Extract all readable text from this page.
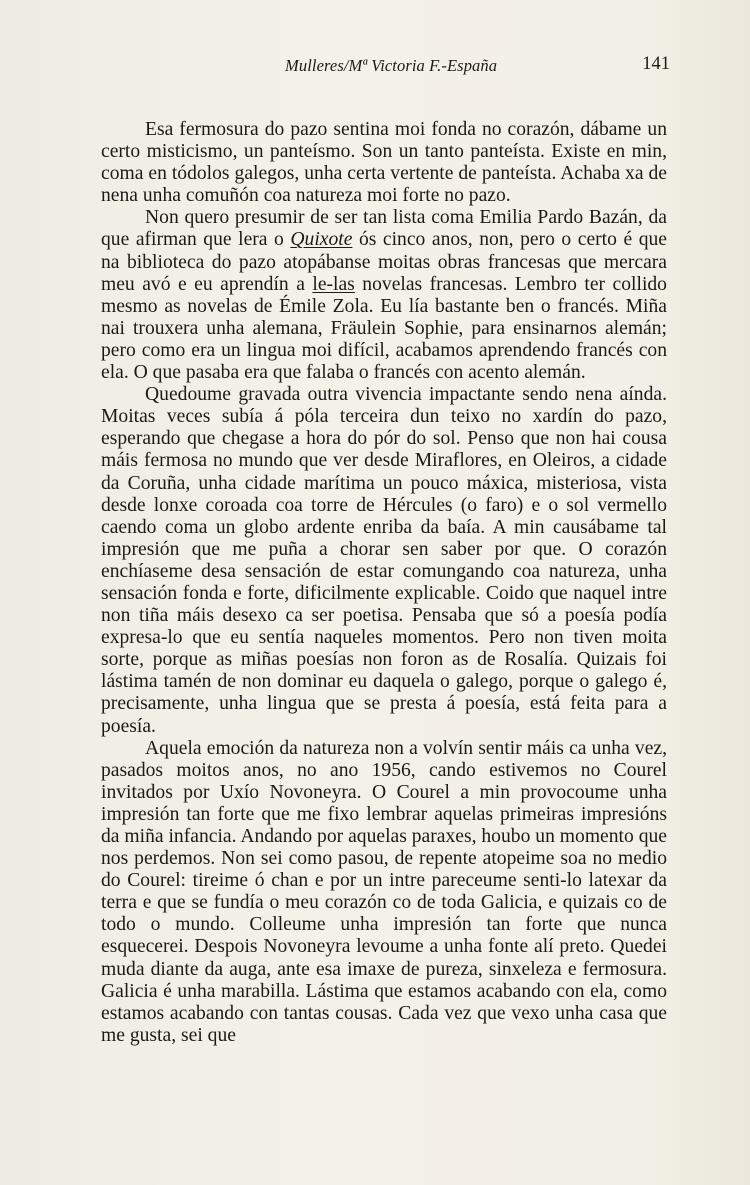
Mulleres/Mª Victoria F.-España	141

Esa fermosura do pazo sentina moi fonda no corazón, dábame un certo misticismo, un panteísmo. Son un tanto panteísta. Existe en min, coma en tódolos galegos, unha certa vertente de panteísta. Achaba xa de nena unha comuñón coa natureza moi forte no pazo.

Non quero presumir de ser tan lista coma Emilia Pardo Bazán, da que afirman que lera o Quixote ós cinco anos, non, pero o certo é que na biblioteca do pazo atopábanse moitas obras francesas que mercara meu avó e eu aprendín a le-las novelas francesas. Lembro ter collido mesmo as novelas de Émile Zola. Eu lía bastante ben o francés. Miña nai trouxera unha alemana, Fräulein Sophie, para ensinarnos alemán; pero como era un lingua moi difícil, acabamos aprendendo francés con ela. O que pasaba era que falaba o francés con acento alemán.

Quedoume gravada outra vivencia impactante sendo nena aínda. Moitas veces subía á póla terceira dun teixo no xardín do pazo, esperando que chegase a hora do pór do sol. Penso que non hai cousa máis fermosa no mundo que ver desde Miraflores, en Oleiros, a cidade da Coruña, unha cidade marítima un pouco máxica, misteriosa, vista desde lonxe coroada coa torre de Hércules (o faro) e o sol vermello caendo coma un globo ardente enriba da baía. A min causábame tal impresión que me puña a chorar sen saber por que. O corazón enchíaseme desa sensación de estar comungando coa natureza, unha sensación fonda e forte, dificilmente explicable. Coido que naquel intre non tiña máis desexo ca ser poetisa. Pensaba que só a poesía podía expresa-lo que eu sentía naqueles momentos. Pero non tiven moita sorte, porque as miñas poesías non foron as de Rosalía. Quizais foi lástima tamén de non dominar eu daquela o galego, porque o galego é, precisamente, unha lingua que se presta á poesía, está feita para a poesía.

Aquela emoción da natureza non a volvín sentir máis ca unha vez, pasados moitos anos, no ano 1956, cando estivemos no Courel invitados por Uxío Novoneyra. O Courel a min provocoume unha impresión tan forte que me fixo lembrar aquelas primeiras impresións da miña infancia. Andando por aquelas paraxes, houbo un momento que nos perdemos. Non sei como pasou, de repente atopeime soa no medio do Courel: tireime ó chan e por un intre pareceume senti-lo latexar da terra e que se fundía o meu corazón co de toda Galicia, e quizais co de todo o mundo. Colleume unha impresión tan forte que nunca esquecerei. Despois Novoneyra levoume a unha fonte alí preto. Quedei muda diante da auga, ante esa imaxe de pureza, sinxeleza e fermosura. Galicia é unha marabilla. Lástima que estamos acabando con ela, como estamos acabando con tantas cousas. Cada vez que vexo unha casa que me gusta, sei que
